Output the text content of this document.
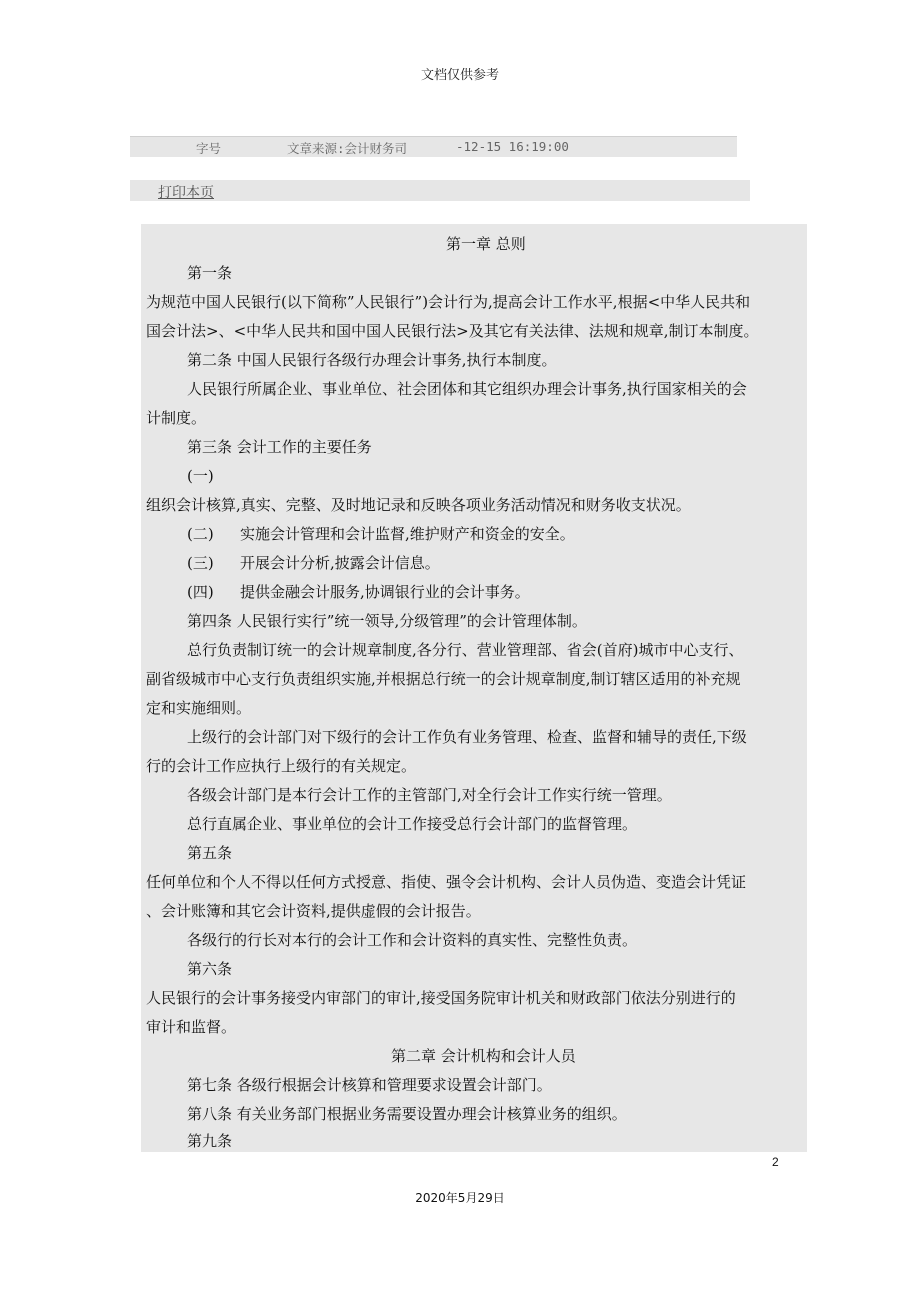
文档仅供参考
字号	文章来源:会计财务司	-12-15 16:19:00
打印本页
第一章 总则
第一条
为规范中国人民银行(以下简称”人民银行”)会计行为,提高会计工作水平,根据<中华人民共和
国会计法>、<中华人民共和国中国人民银行法>及其它有关法律、法规和规章,制订本制度。
第二条 中国人民银行各级行办理会计事务,执行本制度。
人民银行所属企业、事业单位、社会团体和其它组织办理会计事务,执行国家相关的会
计制度。
第三条 会计工作的主要任务
(一)
组织会计核算,真实、完整、及时地记录和反映各项业务活动情况和财务收支状况。
(二) 实施会计管理和会计监督,维护财产和资金的安全。
(三) 开展会计分析,披露会计信息。
(四) 提供金融会计服务,协调银行业的会计事务。
第四条 人民银行实行”统一领导,分级管理”的会计管理体制。
总行负责制订统一的会计规章制度,各分行、营业管理部、省会(首府)城市中心支行、
副省级城市中心支行负责组织实施,并根据总行统一的会计规章制度,制订辖区适用的补充规
定和实施细则。
上级行的会计部门对下级行的会计工作负有业务管理、检查、监督和辅导的责任,下级
行的会计工作应执行上级行的有关规定。
各级会计部门是本行会计工作的主管部门,对全行会计工作实行统一管理。
总行直属企业、事业单位的会计工作接受总行会计部门的监督管理。
第五条
任何单位和个人不得以任何方式授意、指使、强令会计机构、会计人员伪造、变造会计凭证
、会计账簿和其它会计资料,提供虚假的会计报告。
各级行的行长对本行的会计工作和会计资料的真实性、完整性负责。
第六条
人民银行的会计事务接受内审部门的审计,接受国务院审计机关和财政部门依法分别进行的
审计和监督。
第二章 会计机构和会计人员
第七条 各级行根据会计核算和管理要求设置会计部门。
第八条 有关业务部门根据业务需要设置办理会计核算业务的组织。
第九条
2
2020年5月29日
